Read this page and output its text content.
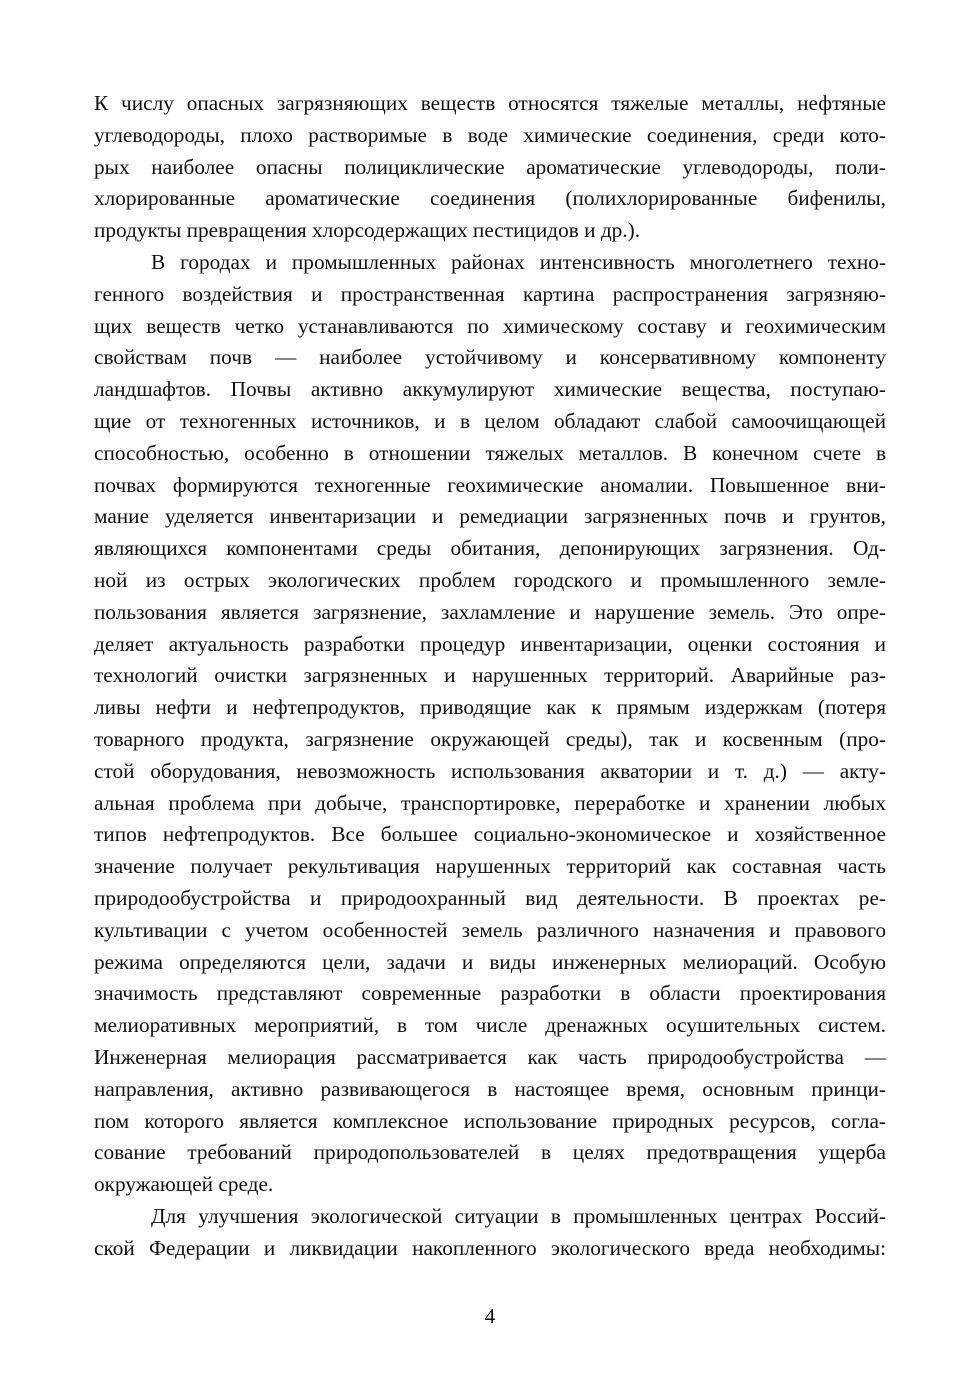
К числу опасных загрязняющих веществ относятся тяжелые металлы, нефтяные
углеводороды, плохо растворимые в воде химические соединения, среди кото-
рых наиболее опасны полициклические ароматические углеводороды, поли-
хлорированные ароматические соединения (полихлорированные бифенилы,
продукты превращения хлорсодержащих пестицидов и др.).
В городах и промышленных районах интенсивность многолетнего техно-
генного воздействия и пространственная картина распространения загрязняю-
щих веществ четко устанавливаются по химическому составу и геохимическим
свойствам почв — наиболее устойчивому и консервативному компоненту
ландшафтов. Почвы активно аккумулируют химические вещества, поступаю-
щие от техногенных источников, и в целом обладают слабой самоочищающей
способностью, особенно в отношении тяжелых металлов. В конечном счете в
почвах формируются техногенные геохимические аномалии. Повышенное вни-
мание уделяется инвентаризации и ремедиации загрязненных почв и грунтов,
являющихся компонентами среды обитания, депонирующих загрязнения. Од-
ной из острых экологических проблем городского и промышленного земле-
пользования является загрязнение, захламление и нарушение земель. Это опре-
деляет актуальность разработки процедур инвентаризации, оценки состояния и
технологий очистки загрязненных и нарушенных территорий. Аварийные раз-
ливы нефти и нефтепродуктов, приводящие как к прямым издержкам (потеря
товарного продукта, загрязнение окружающей среды), так и косвенным (про-
стой оборудования, невозможность использования акватории и т. д.) — акту-
альная проблема при добыче, транспортировке, переработке и хранении любых
типов нефтепродуктов. Все большее социально-экономическое и хозяйственное
значение получает рекультивация нарушенных территорий как составная часть
природообустройства и природоохранный вид деятельности. В проектах ре-
культивации с учетом особенностей земель различного назначения и правового
режима определяются цели, задачи и виды инженерных мелиораций. Особую
значимость представляют современные разработки в области проектирования
мелиоративных мероприятий, в том числе дренажных осушительных систем.
Инженерная мелиорация рассматривается как часть природообустройства —
направления, активно развивающегося в настоящее время, основным принци-
пом которого является комплексное использование природных ресурсов, согла-
сование требований природопользователей в целях предотвращения ущерба
окружающей среде.
Для улучшения экологической ситуации в промышленных центрах Россий-
ской Федерации и ликвидации накопленного экологического вреда необходимы:
4
